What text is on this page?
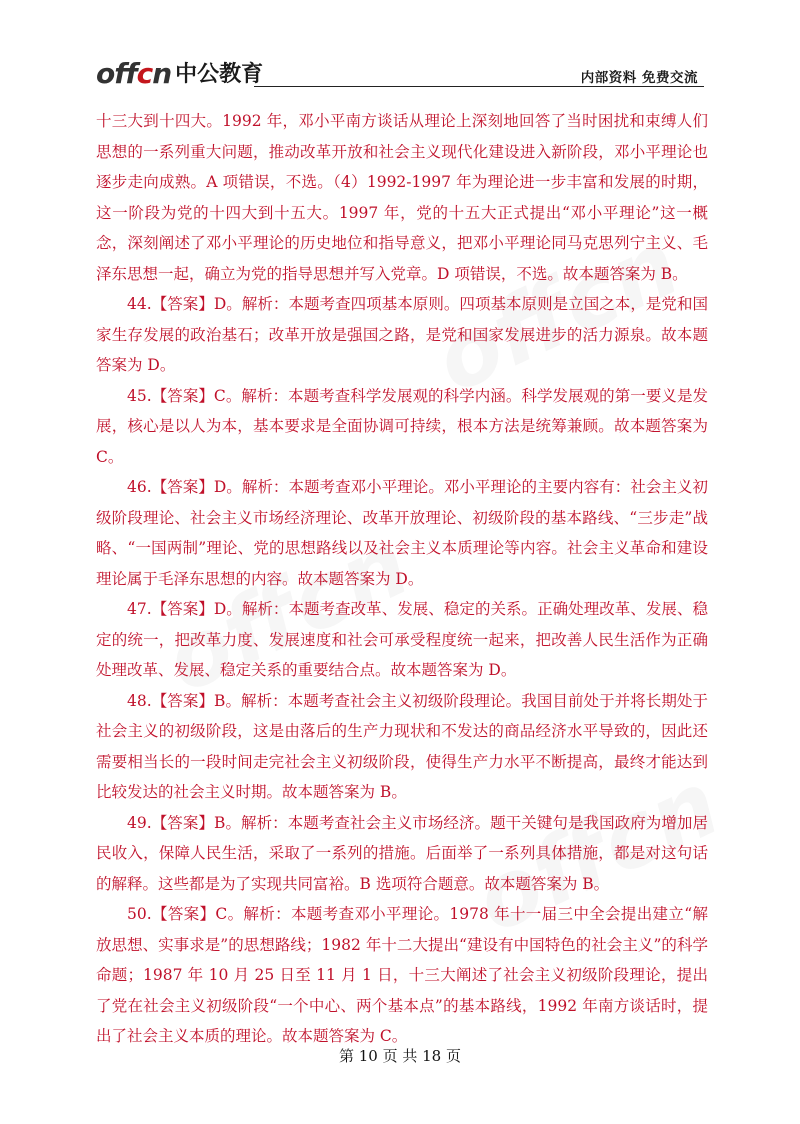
offcn 中公教育	内部资料 免费交流

十三大到十四大。1992 年，邓小平南方谈话从理论上深刻地回答了当时困扰和束缚人们思想的一系列重大问题，推动改革开放和社会主义现代化建设进入新阶段，邓小平理论也逐步走向成熟。A 项错误，不选。（4）1992-1997 年为理论进一步丰富和发展的时期，这一阶段为党的十四大到十五大。1997 年，党的十五大正式提出“邓小平理论”这一概念，深刻阐述了邓小平理论的历史地位和指导意义，把邓小平理论同马克思列宁主义、毛泽东思想一起，确立为党的指导思想并写入党章。D 项错误，不选。故本题答案为 B。

44.【答案】D。解析：本题考查四项基本原则。四项基本原则是立国之本，是党和国家生存发展的政治基石；改革开放是强国之路，是党和国家发展进步的活力源泉。故本题答案为 D。

45.【答案】C。解析：本题考查科学发展观的科学内涵。科学发展观的第一要义是发展，核心是以人为本，基本要求是全面协调可持续，根本方法是统筹兼顾。故本题答案为 C。

46.【答案】D。解析：本题考查邓小平理论。邓小平理论的主要内容有：社会主义初级阶段理论、社会主义市场经济理论、改革开放理论、初级阶段的基本路线、“三步走”战略、“一国两制”理论、党的思想路线以及社会主义本质理论等内容。社会主义革命和建设理论属于毛泽东思想的内容。故本题答案为 D。

47.【答案】D。解析：本题考查改革、发展、稳定的关系。正确处理改革、发展、稳定的统一，把改革力度、发展速度和社会可承受程度统一起来，把改善人民生活作为正确处理改革、发展、稳定关系的重要结合点。故本题答案为 D。

48.【答案】B。解析：本题考查社会主义初级阶段理论。我国目前处于并将长期处于社会主义的初级阶段，这是由落后的生产力现状和不发达的商品经济水平导致的，因此还需要相当长的一段时间走完社会主义初级阶段，使得生产力水平不断提高，最终才能达到比较发达的社会主义时期。故本题答案为 B。

49.【答案】B。解析：本题考查社会主义市场经济。题干关键句是我国政府为增加居民收入，保障人民生活，采取了一系列的措施。后面举了一系列具体措施，都是对这句话的解释。这些都是为了实现共同富裕。B 选项符合题意。故本题答案为 B。

50.【答案】C。解析：本题考查邓小平理论。1978 年十一届三中全会提出建立“解放思想、实事求是”的思想路线；1982 年十二大提出“建设有中国特色的社会主义”的科学命题；1987 年 10 月 25 日至 11 月 1 日，十三大阐述了社会主义初级阶段理论，提出了党在社会主义初级阶段“一个中心、两个基本点”的基本路线，1992 年南方谈话时，提出了社会主义本质的理论。故本题答案为 C。

第 10 页 共 18 页
